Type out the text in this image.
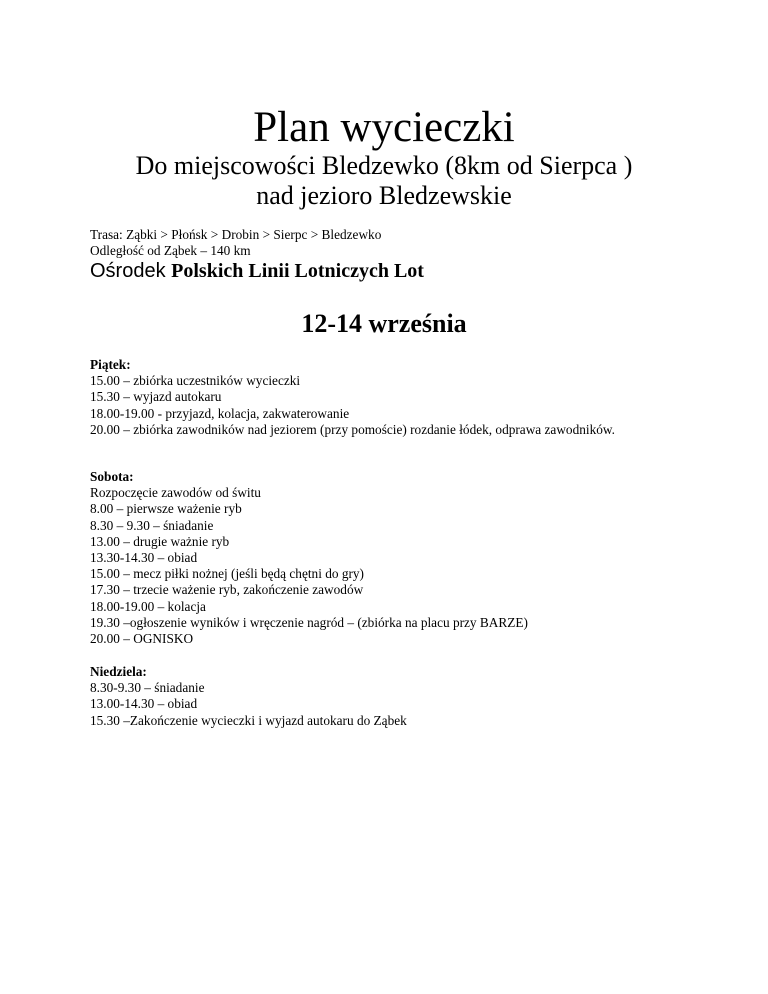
Plan wycieczki

Do miejscowości Bledzewko (8km od Sierpca )

nad jezioro Bledzewskie

Trasa: Ząbki > Płońsk > Drobin > Sierpc > Bledzewko
Odległość od Ząbek – 140 km
Ośrodek Polskich Linii Lotniczych Lot
12-14 września

Piątek:

15.00 – zbiórka uczestników wycieczki

15.30 – wyjazd autokaru

18.00-19.00 - przyjazd, kolacja, zakwaterowanie

20.00 – zbiórka zawodników nad jeziorem (przy pomoście) rozdanie łódek, odprawa zawodników.

Sobota:

Rozpoczęcie zawodów od świtu

8.00 – pierwsze ważenie ryb

8.30 – 9.30 – śniadanie

13.00 – drugie ważnie ryb

13.30-14.30 – obiad

15.00 – mecz piłki nożnej (jeśli będą chętni do gry)

17.30 – trzecie ważenie ryb, zakończenie zawodów

18.00-19.00 – kolacja

19.30 –ogłoszenie wyników i wręczenie nagród – (zbiórka na placu przy BARZE)

20.00 – OGNISKO

Niedziela:

8.30-9.30 – śniadanie

13.00-14.30 – obiad

15.30 –Zakończenie wycieczki i wyjazd autokaru do Ząbek
